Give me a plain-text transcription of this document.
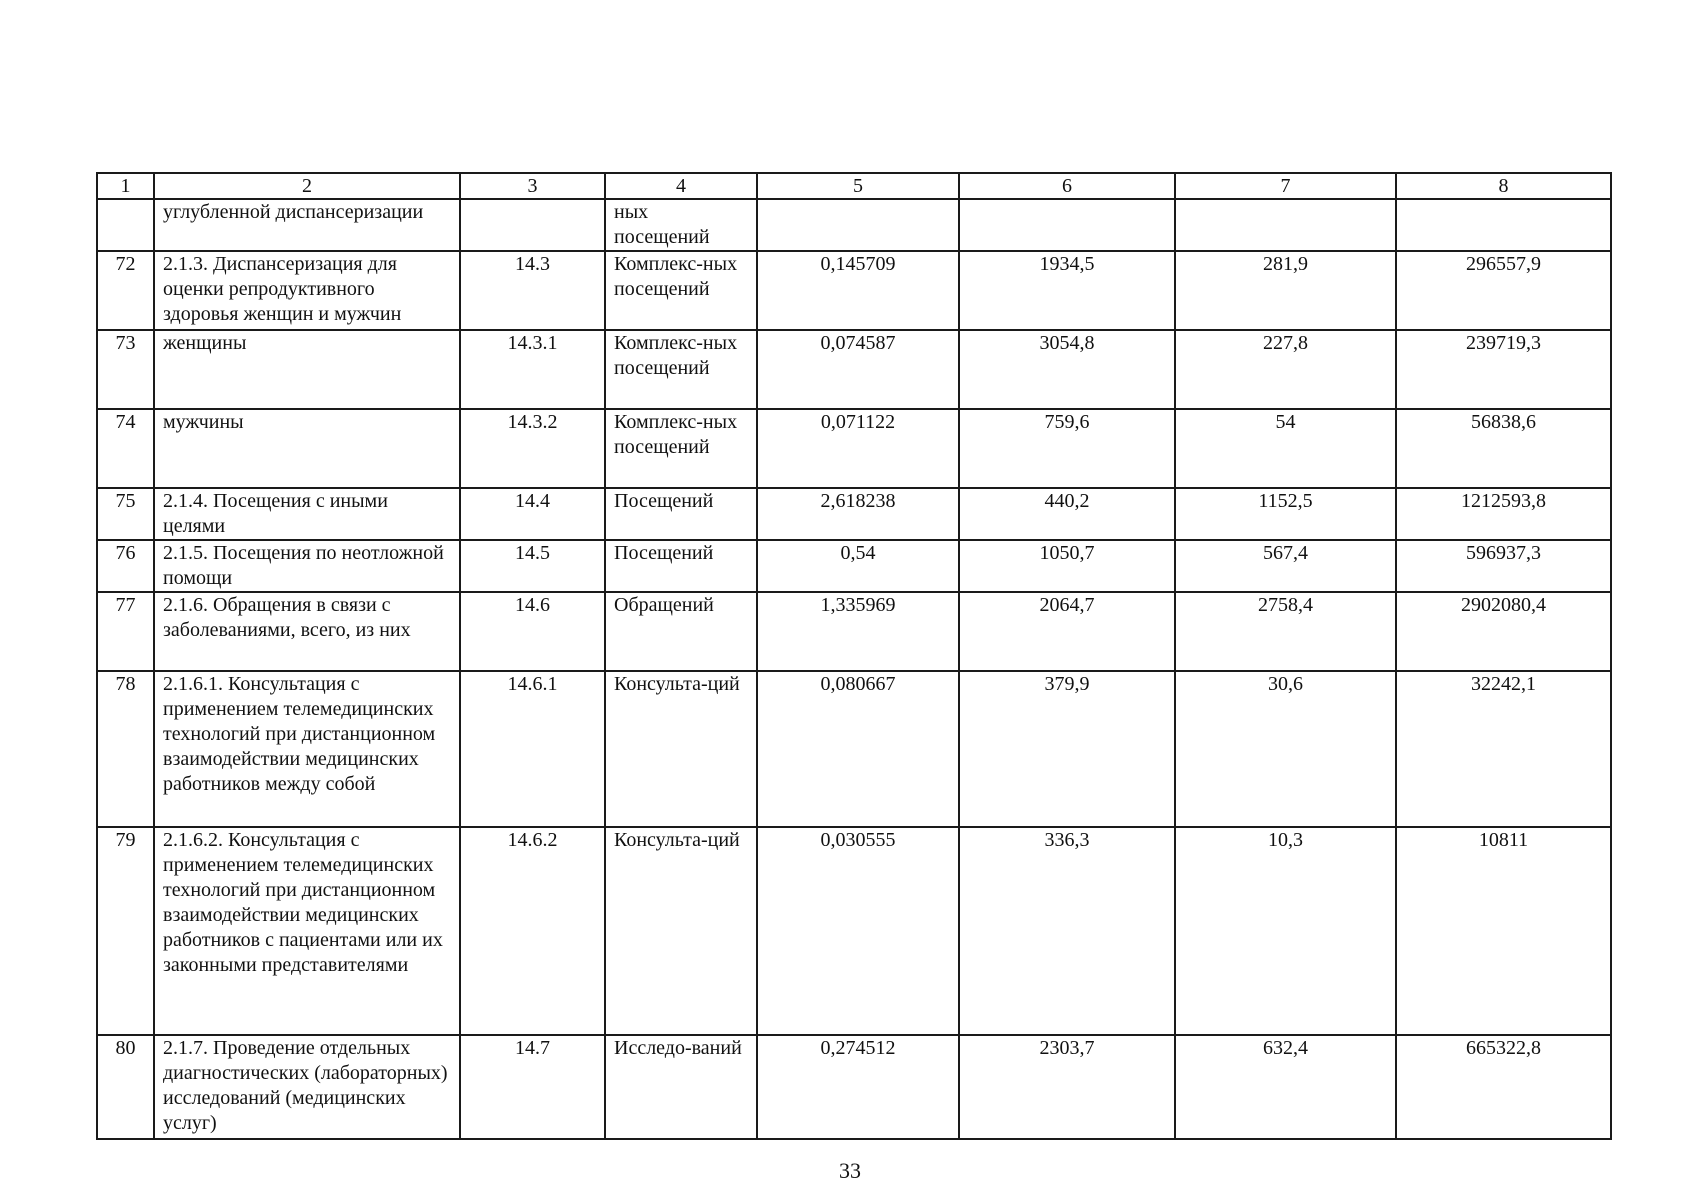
1	2	3	4	5	6	7	8
	углубленной диспансеризации		ных посещений				
72	2.1.3. Диспансеризация для оценки репродуктивного здоровья женщин и мужчин	14.3	Комплекс-ных посещений	0,145709	1934,5	281,9	296557,9
73	женщины	14.3.1	Комплекс-ных посещений	0,074587	3054,8	227,8	239719,3
74	мужчины	14.3.2	Комплекс-ных посещений	0,071122	759,6	54	56838,6
75	2.1.4. Посещения с иными целями	14.4	Посещений	2,618238	440,2	1152,5	1212593,8
76	2.1.5. Посещения по неотложной помощи	14.5	Посещений	0,54	1050,7	567,4	596937,3
77	2.1.6. Обращения в связи с заболеваниями, всего, из них	14.6	Обращений	1,335969	2064,7	2758,4	2902080,4
78	2.1.6.1. Консультация с применением телемедицинских технологий при дистанционном взаимодействии медицинских работников между собой	14.6.1	Консульта-ций	0,080667	379,9	30,6	32242,1
79	2.1.6.2. Консультация с применением телемедицинских технологий при дистанционном взаимодействии медицинских работников с пациентами или их законными представителями	14.6.2	Консульта-ций	0,030555	336,3	10,3	10811
80	2.1.7. Проведение отдельных диагностических (лабораторных) исследований (медицинских услуг)	14.7	Исследо-ваний	0,274512	2303,7	632,4	665322,8
33
